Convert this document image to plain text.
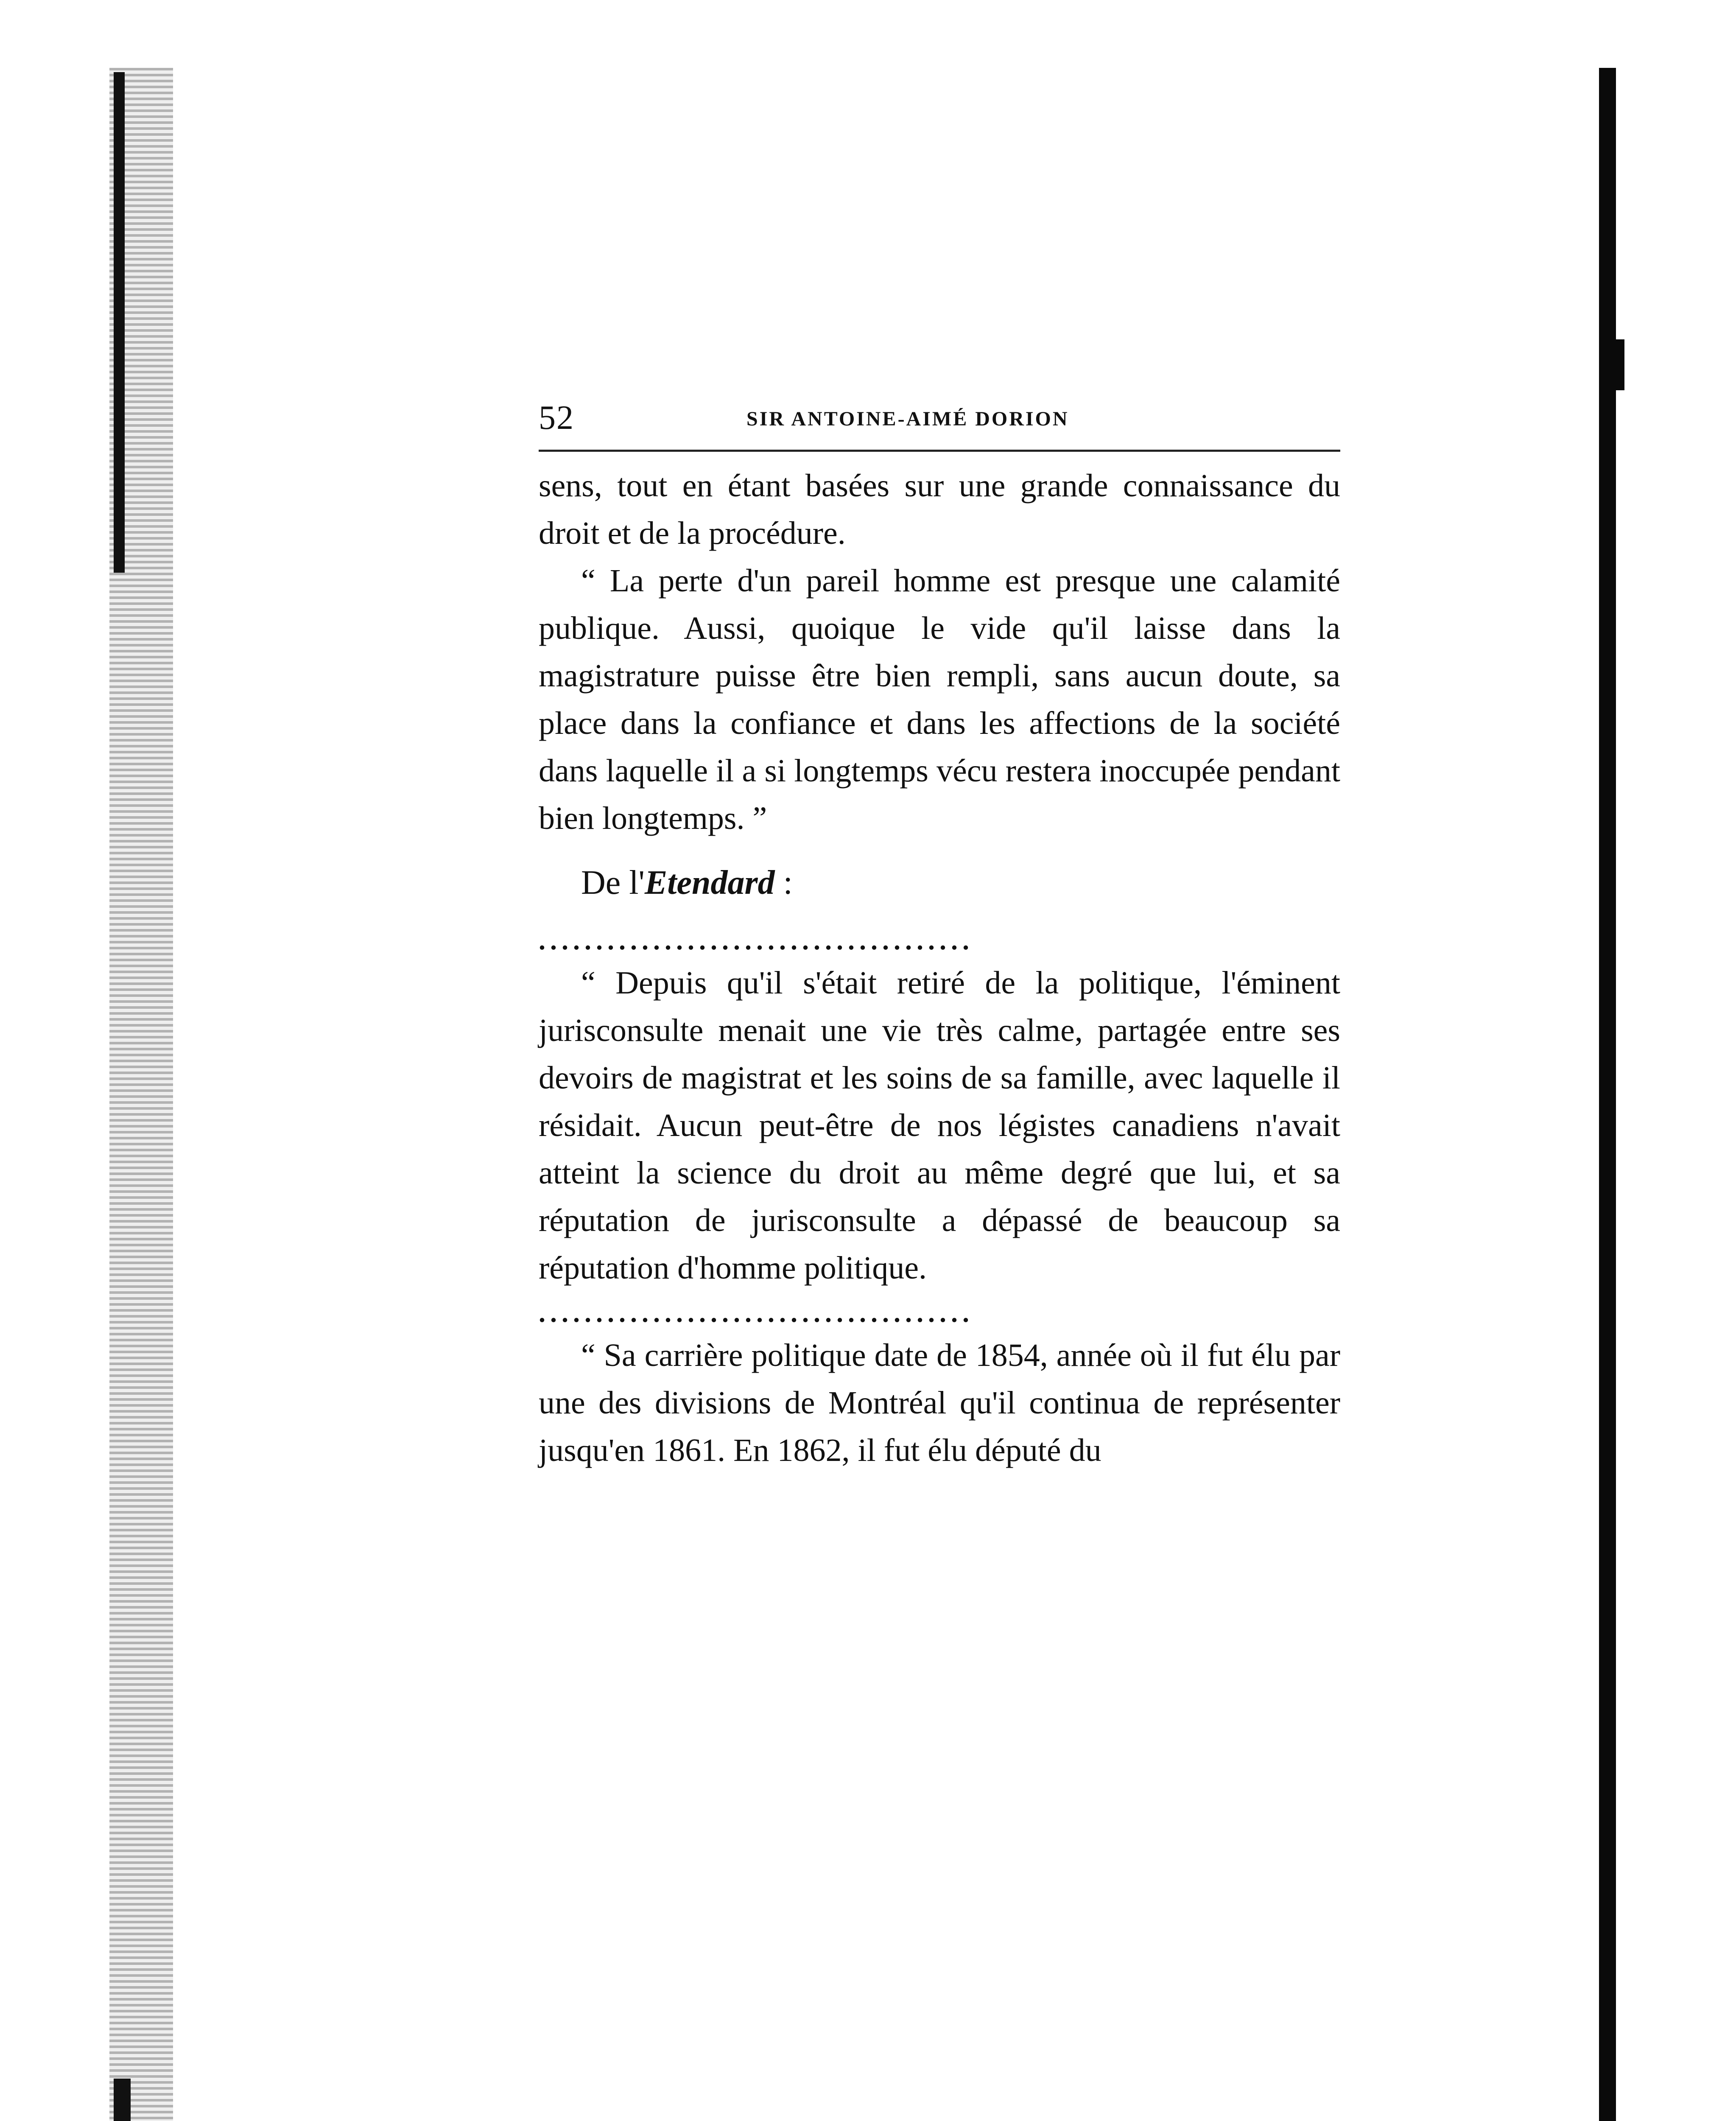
52	SIR ANTOINE-AIMÉ DORION

sens, tout en étant basées sur une grande connaissance du droit et de la procédure.

“ La perte d'un pareil homme est presque une calamité publique. Aussi, quoique le vide qu'il laisse dans la magistrature puisse être bien rempli, sans aucun doute, sa place dans la confiance et dans les affections de la société dans laquelle il a si longtemps vécu restera inoccupée pendant bien longtemps. ”

De l'Etendard :
......................................

“ Depuis qu'il s'était retiré de la politique, l'éminent jurisconsulte menait une vie très calme, partagée entre ses devoirs de magistrat et les soins de sa famille, avec laquelle il résidait. Aucun peut-être de nos légistes canadiens n'avait atteint la science du droit au même degré que lui, et sa réputation de jurisconsulte a dépassé de beaucoup sa réputation d'homme politique.

......................................

“ Sa carrière politique date de 1854, année où il fut élu par une des divisions de Montréal qu'il continua de représenter jusqu'en 1861. En 1862, il fut élu député du
